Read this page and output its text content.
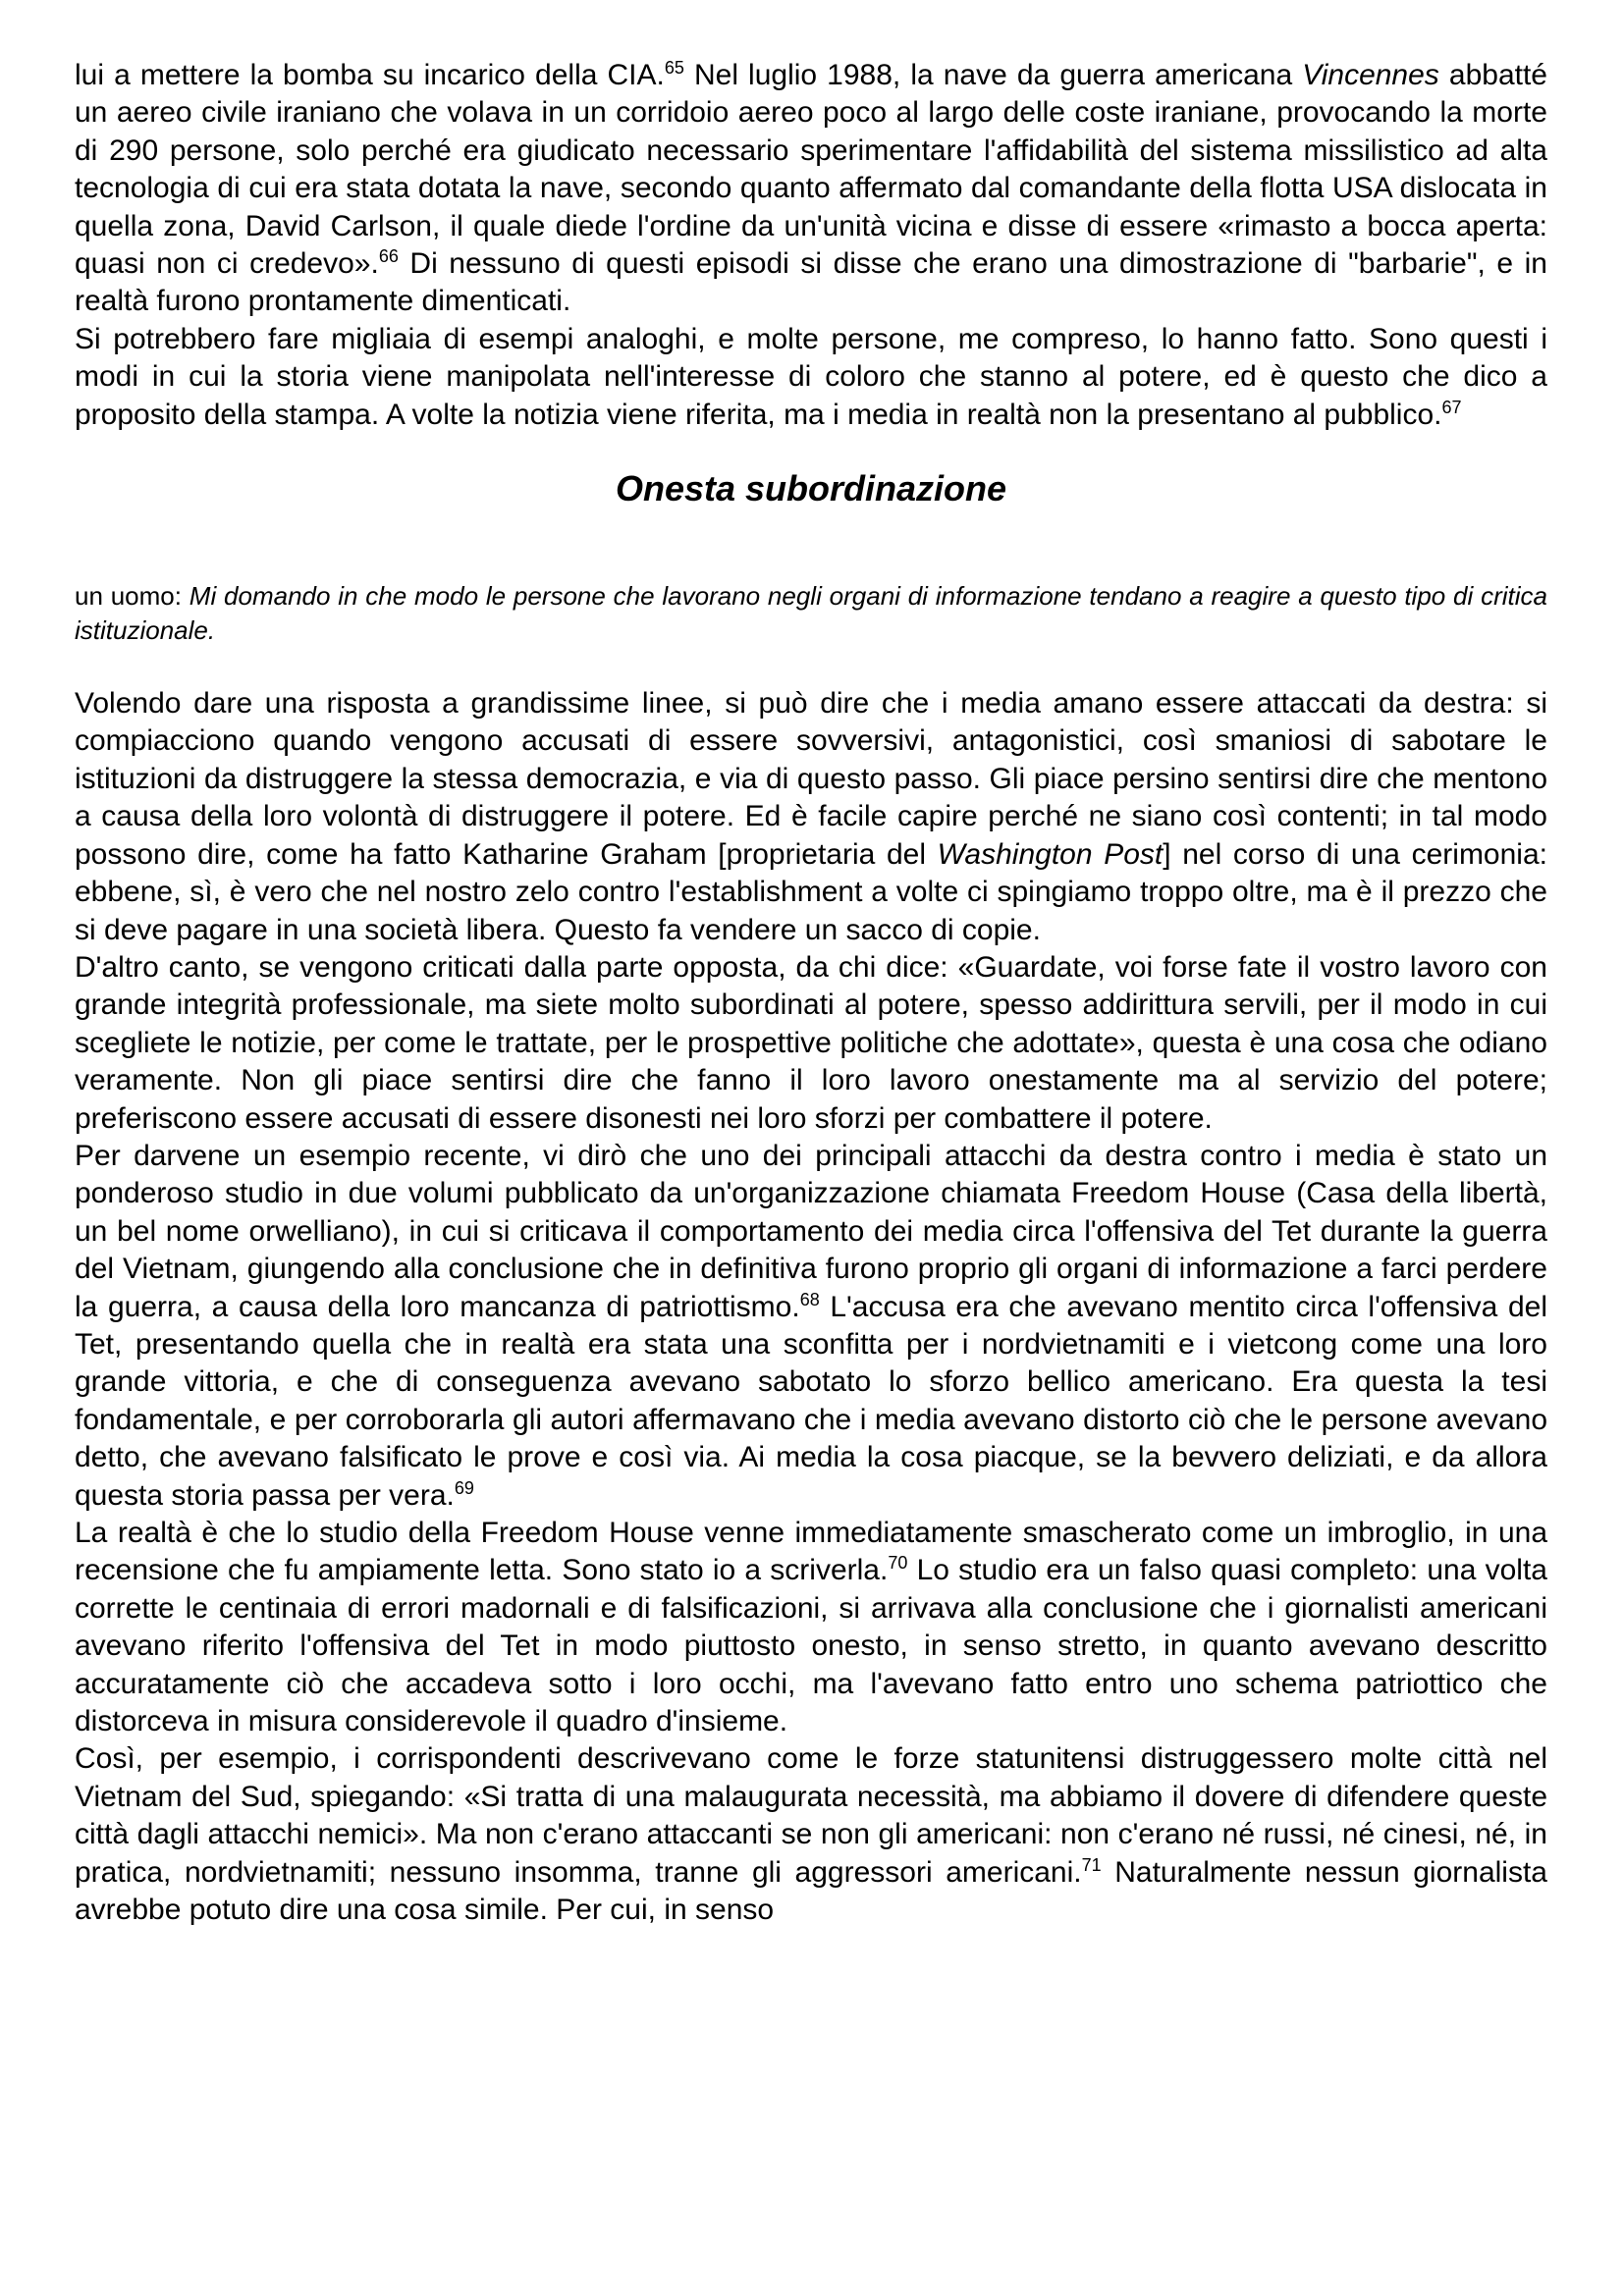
lui a mettere la bomba su incarico della CIA.$^{65}$ Nel luglio 1988, la nave da guerra americana Vincennes abbatté un aereo civile iraniano che volava in un corridoio aereo poco al largo delle coste iraniane, provocando la morte di 290 persone, solo perché era giudicato necessario sperimentare l'affidabilità del sistema missilistico ad alta tecnologia di cui era stata dotata la nave, secondo quanto affermato dal comandante della flotta USA dislocata in quella zona, David Carlson, il quale diede l'ordine da un'unità vicina e disse di essere «rimasto a bocca aperta: quasi non ci credevo».$^{66}$ Di nessuno di questi episodi si disse che erano una dimostrazione di "barbarie", e in realtà furono prontamente dimenticati.

Si potrebbero fare migliaia di esempi analoghi, e molte persone, me compreso, lo hanno fatto. Sono questi i modi in cui la storia viene manipolata nell'interesse di coloro che stanno al potere, ed è questo che dico a proposito della stampa. A volte la notizia viene riferita, ma i media in realtà non la presentano al pubblico.$^{67}$

Onesta subordinazione

un uomo: Mi domando in che modo le persone che lavorano negli organi di informazione tendano a reagire a questo tipo di critica istituzionale.

Volendo dare una risposta a grandissime linee, si può dire che i media amano essere attaccati da destra: si compiacciono quando vengono accusati di essere sovversivi, antagonistici, così smaniosi di sabotare le istituzioni da distruggere la stessa democrazia, e via di questo passo. Gli piace persino sentirsi dire che mentono a causa della loro volontà di distruggere il potere. Ed è facile capire perché ne siano così contenti; in tal modo possono dire, come ha fatto Katharine Graham [proprietaria del Washington Post] nel corso di una cerimonia: ebbene, sì, è vero che nel nostro zelo contro l'establishment a volte ci spingiamo troppo oltre, ma è il prezzo che si deve pagare in una società libera. Questo fa vendere un sacco di copie.

D'altro canto, se vengono criticati dalla parte opposta, da chi dice: «Guardate, voi forse fate il vostro lavoro con grande integrità professionale, ma siete molto subordinati al potere, spesso addirittura servili, per il modo in cui scegliete le notizie, per come le trattate, per le prospettive politiche che adottate», questa è una cosa che odiano veramente. Non gli piace sentirsi dire che fanno il loro lavoro onestamente ma al servizio del potere; preferiscono essere accusati di essere disonesti nei loro sforzi per combattere il potere.

Per darvene un esempio recente, vi dirò che uno dei principali attacchi da destra contro i media è stato un ponderoso studio in due volumi pubblicato da un'organizzazione chiamata Freedom House (Casa della libertà, un bel nome orwelliano), in cui si criticava il comportamento dei media circa l'offensiva del Tet durante la guerra del Vietnam, giungendo alla conclusione che in definitiva furono proprio gli organi di informazione a farci perdere la guerra, a causa della loro mancanza di patriottismo.$^{68}$ L'accusa era che avevano mentito circa l'offensiva del Tet, presentando quella che in realtà era stata una sconfitta per i nordvietnamiti e i vietcong come una loro grande vittoria, e che di conseguenza avevano sabotato lo sforzo bellico americano. Era questa la tesi fondamentale, e per corroborarla gli autori affermavano che i media avevano distorto ciò che le persone avevano detto, che avevano falsificato le prove e così via. Ai media la cosa piacque, se la bevvero deliziati, e da allora questa storia passa per vera.$^{69}$

La realtà è che lo studio della Freedom House venne immediatamente smascherato come un imbroglio, in una recensione che fu ampiamente letta. Sono stato io a scriverla.$^{70}$ Lo studio era un falso quasi completo: una volta corrette le centinaia di errori madornali e di falsificazioni, si arrivava alla conclusione che i giornalisti americani avevano riferito l'offensiva del Tet in modo piuttosto onesto, in senso stretto, in quanto avevano descritto accuratamente ciò che accadeva sotto i loro occhi, ma l'avevano fatto entro uno schema patriottico che distorceva in misura considerevole il quadro d'insieme.

Così, per esempio, i corrispondenti descrivevano come le forze statunitensi distruggessero molte città nel Vietnam del Sud, spiegando: «Si tratta di una malaugurata necessità, ma abbiamo il dovere di difendere queste città dagli attacchi nemici». Ma non c'erano attaccanti se non gli americani: non c'erano né russi, né cinesi, né, in pratica, nordvietnamiti; nessuno insomma, tranne gli aggressori americani.$^{71}$ Naturalmente nessun giornalista avrebbe potuto dire una cosa simile. Per cui, in senso
